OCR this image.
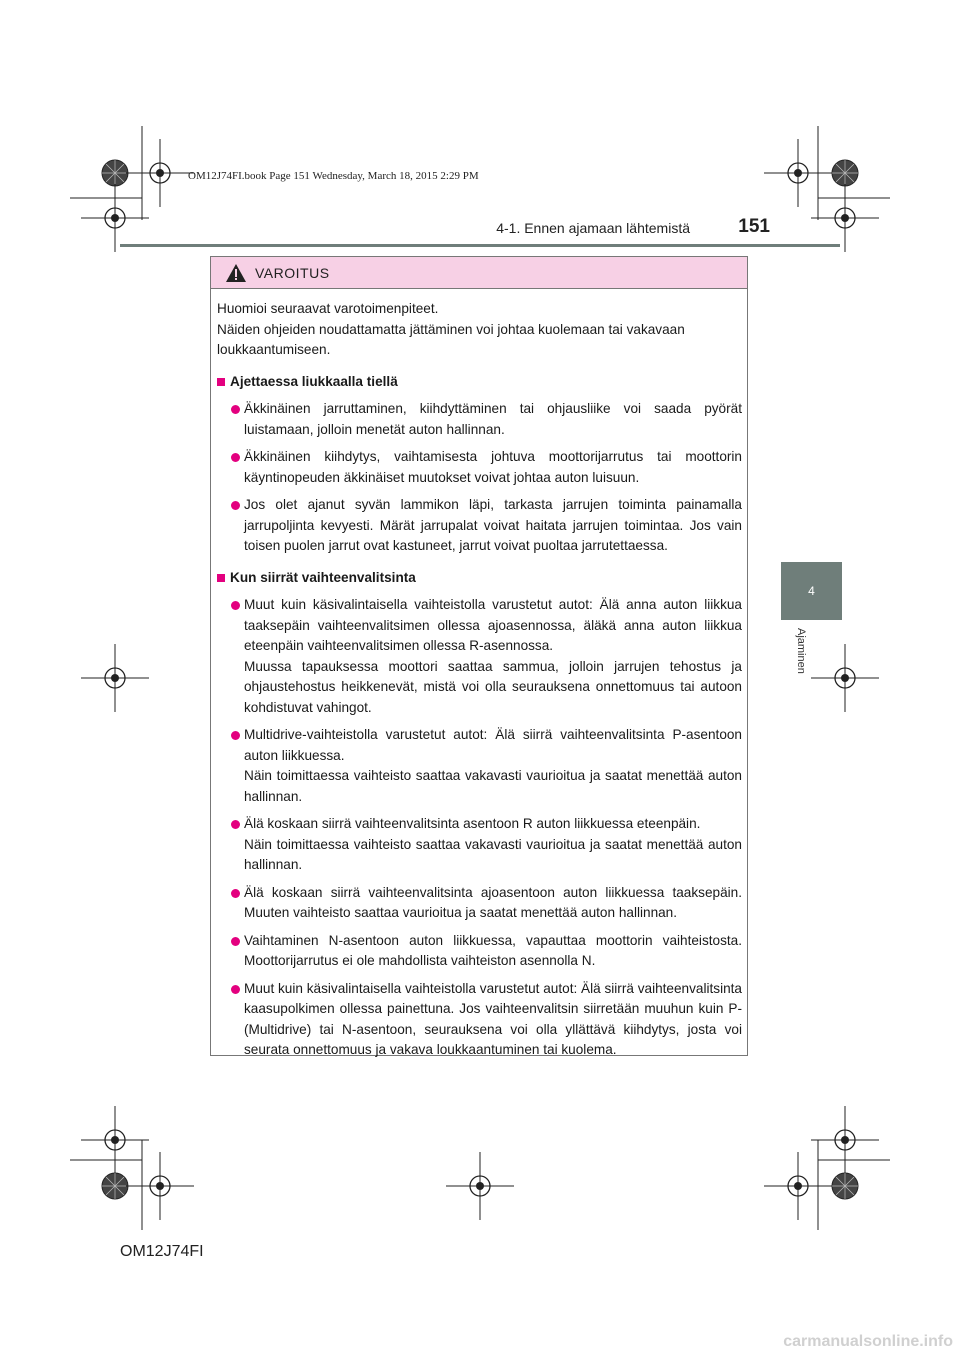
OM12J74FI.book Page 151 Wednesday, March 18, 2015 2:29 PM
4-1. Ennen ajamaan lähtemistä	151
4
Ajaminen
VAROITUS

Huomioi seuraavat varotoimenpiteet.

Näiden ohjeiden noudattamatta jättäminen voi johtaa kuolemaan tai vakavaan loukkaantumiseen.

Ajettaessa liukkaalla tiellä

Äkkinäinen jarruttaminen, kiihdyttäminen tai ohjausliike voi saada pyörät luistamaan, jolloin menetät auton hallinnan.

Äkkinäinen kiihdytys, vaihtamisesta johtuva moottorijarrutus tai moottorin käyntinopeuden äkkinäiset muutokset voivat johtaa auton luisuun.

Jos olet ajanut syvän lammikon läpi, tarkasta jarrujen toiminta painamalla jarrupoljinta kevyesti. Märät jarrupalat voivat haitata jarrujen toimintaa. Jos vain toisen puolen jarrut ovat kastuneet, jarrut voivat puoltaa jarrutettaessa.

Kun siirrät vaihteenvalitsinta

Muut kuin käsivalintaisella vaihteistolla varustetut autot: Älä anna auton liikkua taaksepäin vaihteenvalitsimen ollessa ajoasennossa, äläkä anna auton liikkua eteenpäin vaihteenvalitsimen ollessa R-asennossa.

Muussa tapauksessa moottori saattaa sammua, jolloin jarrujen tehostus ja ohjaustehostus heikkenevät, mistä voi olla seurauksena onnettomuus tai autoon kohdistuvat vahingot.

Multidrive-vaihteistolla varustetut autot: Älä siirrä vaihteenvalitsinta P-asentoon auton liikkuessa.

Näin toimittaessa vaihteisto saattaa vakavasti vaurioitua ja saatat menettää auton hallinnan.

Älä koskaan siirrä vaihteenvalitsinta asentoon R auton liikkuessa eteenpäin.

Näin toimittaessa vaihteisto saattaa vakavasti vaurioitua ja saatat menettää auton hallinnan.

Älä koskaan siirrä vaihteenvalitsinta ajoasentoon auton liikkuessa taaksepäin. Muuten vaihteisto saattaa vaurioitua ja saatat menettää auton hallinnan.

Vaihtaminen N-asentoon auton liikkuessa, vapauttaa moottorin vaihteistosta. Moottorijarrutus ei ole mahdollista vaihteiston asennolla N.

Muut kuin käsivalintaisella vaihteistolla varustetut autot: Älä siirrä vaihteenvalitsinta kaasupolkimen ollessa painettuna. Jos vaihteenvalitsin siirretään muuhun kuin P- (Multidrive) tai N-asentoon, seurauksena voi olla yllättävä kiihdytys, josta voi seurata onnettomuus ja vakava loukkaantuminen tai kuolema.

OM12J74FI
carmanualsonline.info
